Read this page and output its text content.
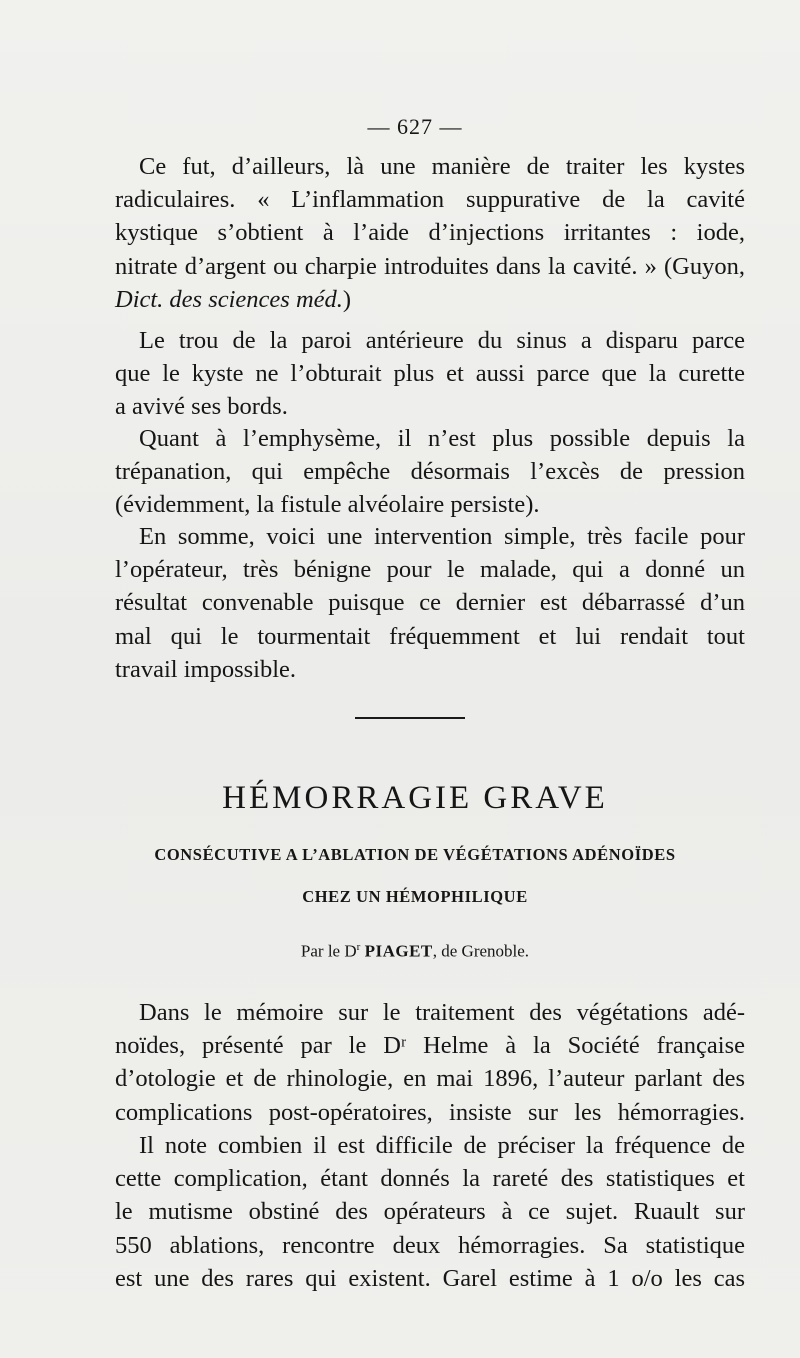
— 627 —
Ce fut, d’ailleurs, là une manière de traiter les kystes
radiculaires. « L’inflammation suppurative de la cavité
kystique s’obtient à l’aide d’injections irritantes : iode,
nitrate d’argent ou charpie introduites dans la cavité. » (Guyon,
Dict. des sciences méd.)
Le trou de la paroi antérieure du sinus a disparu parce
que le kyste ne l’obturait plus et aussi parce que la curette
a avivé ses bords.
Quant à l’emphysème, il n’est plus possible depuis la
trépanation, qui empêche désormais l’excès de pression
(évidemment, la fistule alvéolaire persiste).
En somme, voici une intervention simple, très facile pour
l’opérateur, très bénigne pour le malade, qui a donné un
résultat convenable puisque ce dernier est débarrassé d’un
mal qui le tourmentait fréquemment et lui rendait tout
travail impossible.
HÉMORRAGIE GRAVE
CONSÉCUTIVE A L’ABLATION DE VÉGÉTATIONS ADÉNOÏDES
CHEZ UN HÉMOPHILIQUE
Par le $D^r$ PIAGET, de Grenoble.
Dans le mémoire sur le traitement des végétations adé-
noïdes, présenté par le Dʳ Helme à la Société française
d’otologie et de rhinologie, en mai 1896, l’auteur parlant des
complications post-opératoires, insiste sur les hémorragies.
Il note combien il est difficile de préciser la fréquence de
cette complication, étant donnés la rareté des statistiques et
le mutisme obstiné des opérateurs à ce sujet. Ruault sur
550 ablations, rencontre deux hémorragies. Sa statistique
est une des rares qui existent. Garel estime à 1 o/o les cas
